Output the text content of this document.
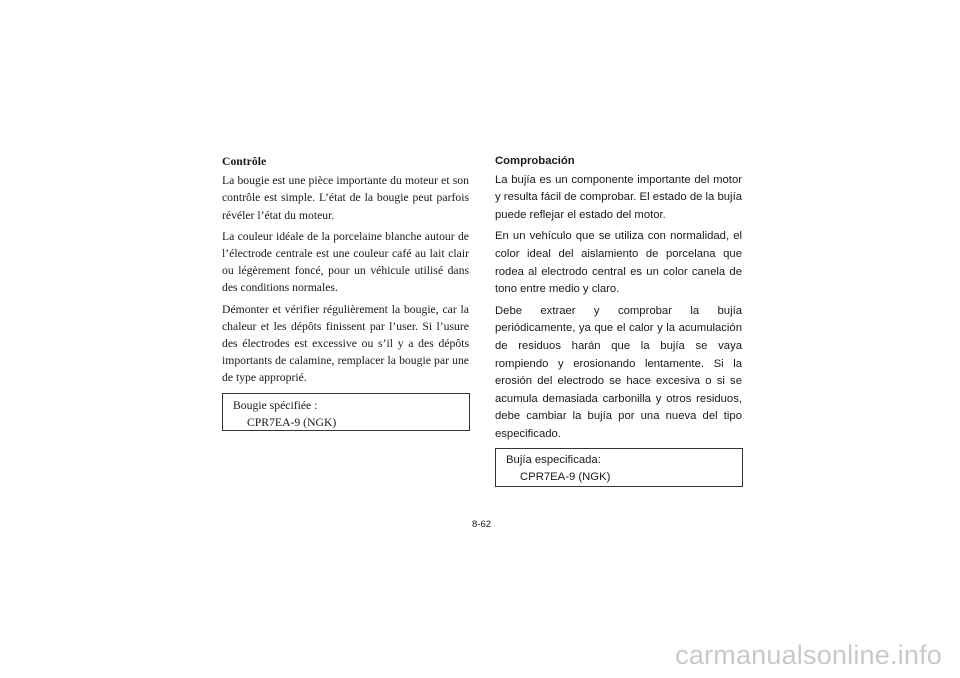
Contrôle

La bougie est une pièce importante du moteur et son contrôle est simple. L’état de la bougie peut parfois révéler l’état du moteur.

La couleur idéale de la porcelaine blanche autour de l’électrode centrale est une couleur café au lait clair ou légèrement foncé, pour un véhicule utilisé dans des conditions normales.

Démonter et vérifier régulièrement la bougie, car la chaleur et les dépôts finissent par l’user. Si l’usure des électrodes est excessive ou s’il y a des dépôts importants de calamine, remplacer la bougie par une de type approprié.

Bougie spécifiée :
CPR7EA-9 (NGK)
Comprobación

La bujía es un componente importante del motor y resulta fácil de comprobar. El estado de la bujía puede reflejar el estado del motor.

En un vehículo que se utiliza con normalidad, el color ideal del aislamiento de porcelana que rodea al electrodo central es un color canela de tono entre medio y claro.

Debe extraer y comprobar la bujía periódicamente, ya que el calor y la acumulación de residuos harán que la bujía se vaya rompiendo y erosionando lentamente. Si la erosión del electrodo se hace excesiva o si se acumula demasiada carbonilla y otros residuos, debe cambiar la bujía por una nueva del tipo especificado.

Bujía especificada:
CPR7EA-9 (NGK)
8-62
carmanualsonline.info
